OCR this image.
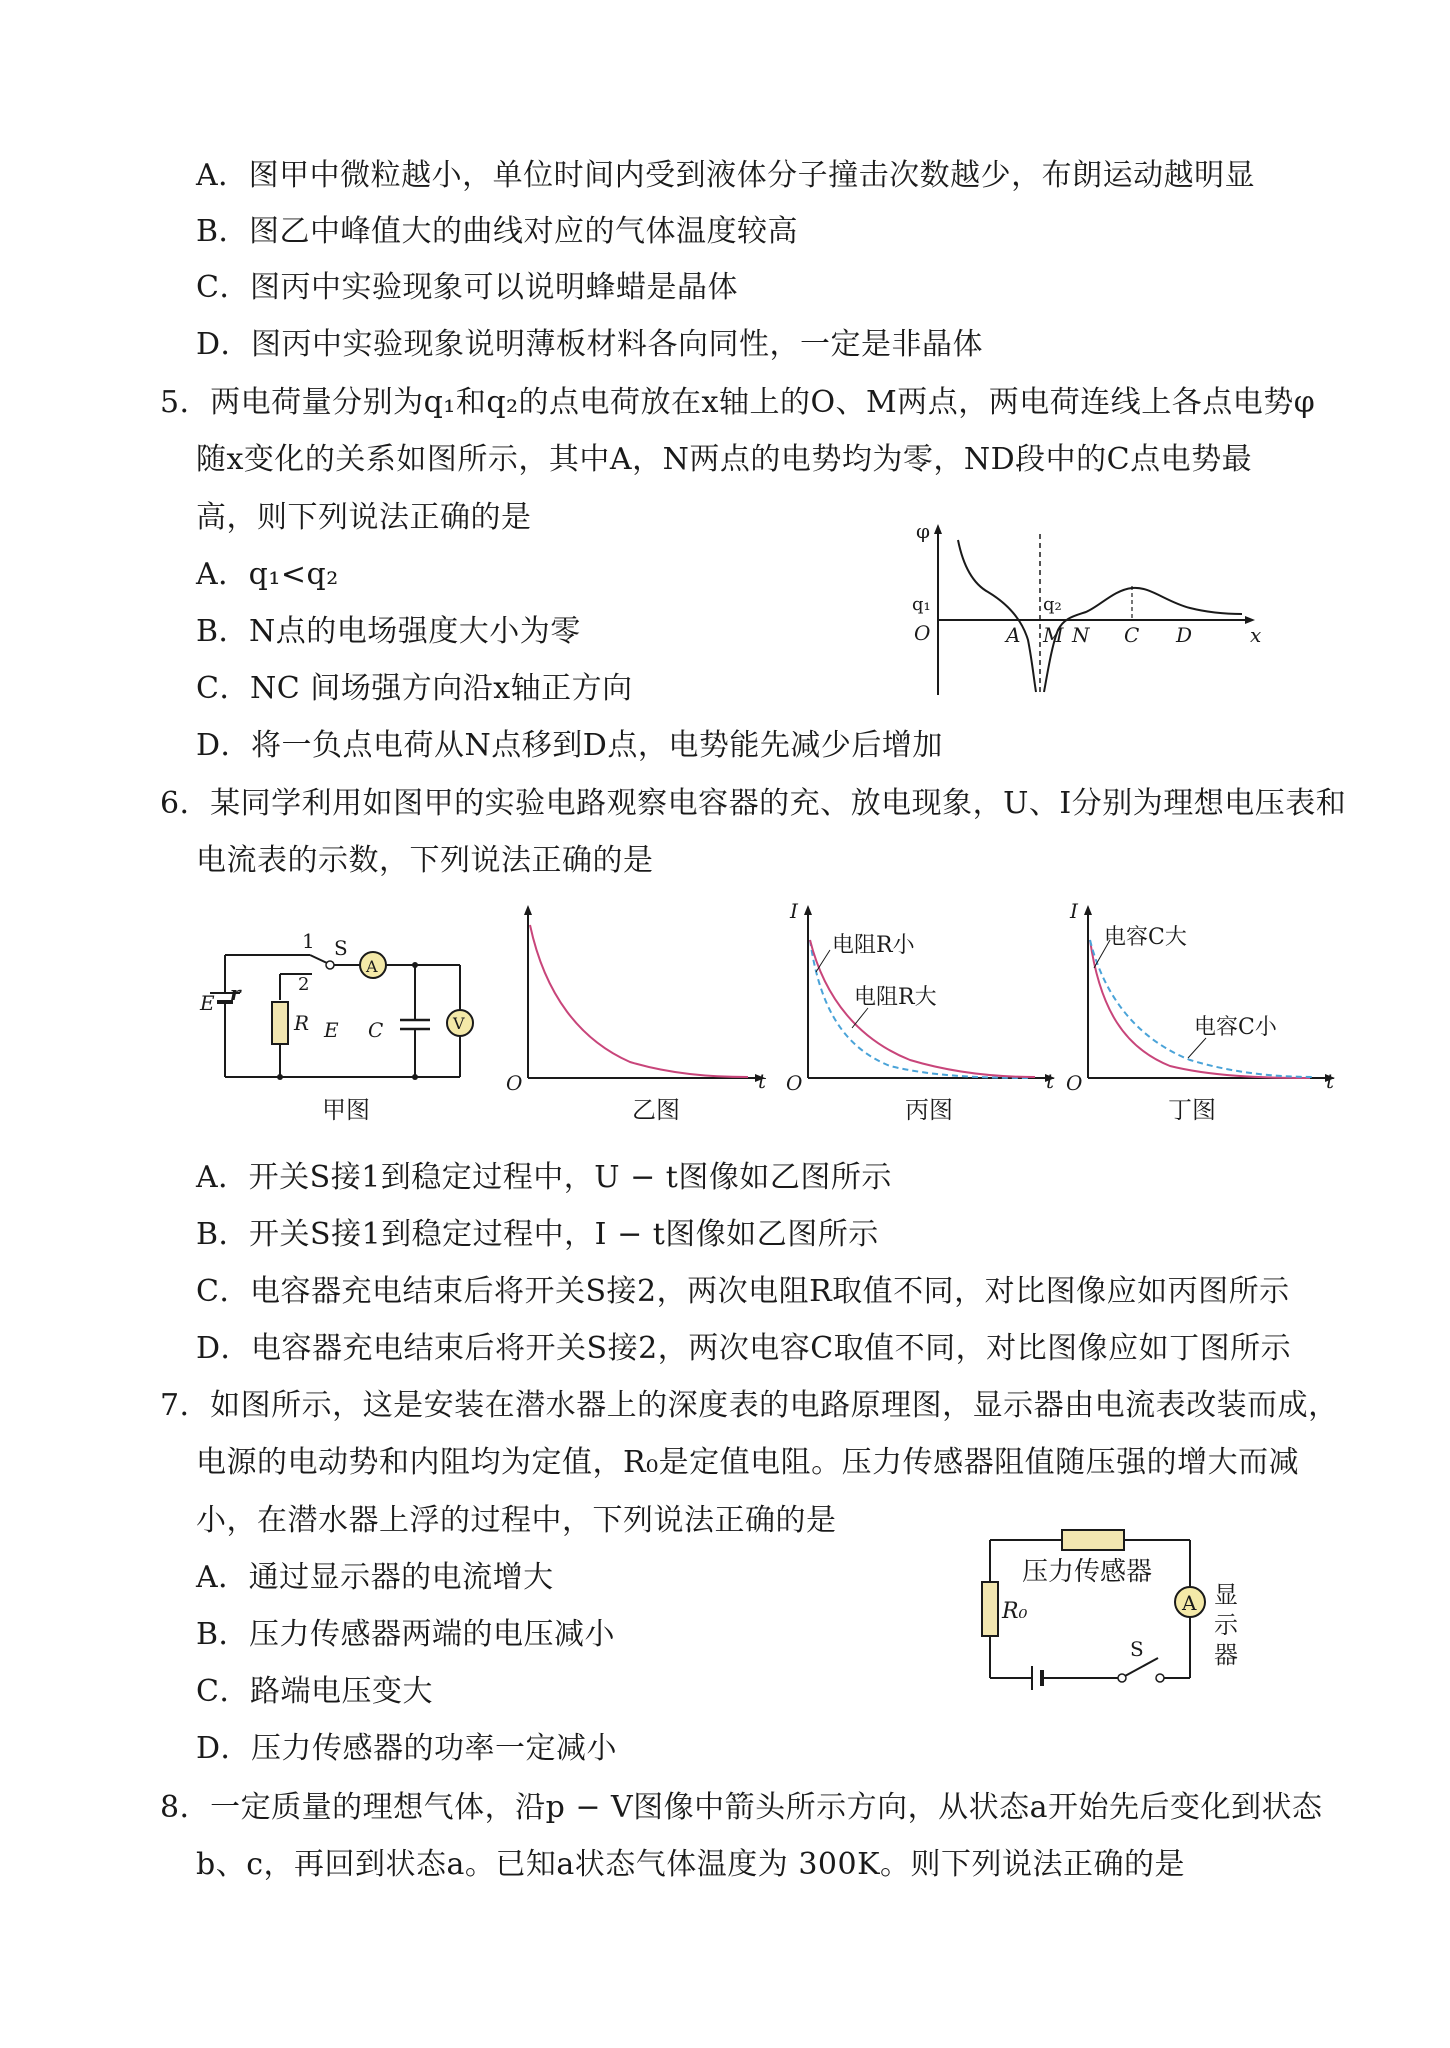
A．图甲中微粒越小，单位时间内受到液体分子撞击次数越少，布朗运动越明显
B．图乙中峰值大的曲线对应的气体温度较高
C．图丙中实验现象可以说明蜂蜡是晶体
D．图丙中实验现象说明薄板材料各向同性，一定是非晶体
5．两电荷量分别为q₁和q₂的点电荷放在x轴上的O、M两点，两电荷连线上各点电势φ
随x变化的关系如图所示，其中A，N两点的电势均为零，ND段中的C点电势最
高，则下列说法正确的是
A．q₁<q₂
B．N点的电场强度大小为零
C．NC 间场强方向沿x轴正方向
D．将一负点电荷从N点移到D点，电势能先减少后增加
φ
x
q₁	q₂
O	A M N C D
6．某同学利用如图甲的实验电路观察电容器的充、放电现象，U、I分别为理想电压表和
电流表的示数，下列说法正确的是
1 S
A
2
E r
R E C	V
甲图
O	t
乙图
I
O	t
电阻R小
电阻R大
丙图
I
O	t
电容C大
电容C小
丁图
A．开关S接1到稳定过程中，U − t图像如乙图所示
B．开关S接1到稳定过程中，I − t图像如乙图所示
C．电容器充电结束后将开关S接2，两次电阻R取值不同，对比图像应如丙图所示
D．电容器充电结束后将开关S接2，两次电容C取值不同，对比图像应如丁图所示
7．如图所示，这是安装在潜水器上的深度表的电路原理图，显示器由电流表改装而成，
电源的电动势和内阻均为定值，R₀是定值电阻。压力传感器阻值随压强的增大而减
小，在潜水器上浮的过程中，下列说法正确的是
A．通过显示器的电流增大
B．压力传感器两端的电压减小
C．路端电压变大
D．压力传感器的功率一定减小
压力传感器
R₀	A
S
显示器
8．一定质量的理想气体，沿p − V图像中箭头所示方向，从状态a开始先后变化到状态
b、c，再回到状态a。已知a状态气体温度为 300K。则下列说法正确的是
